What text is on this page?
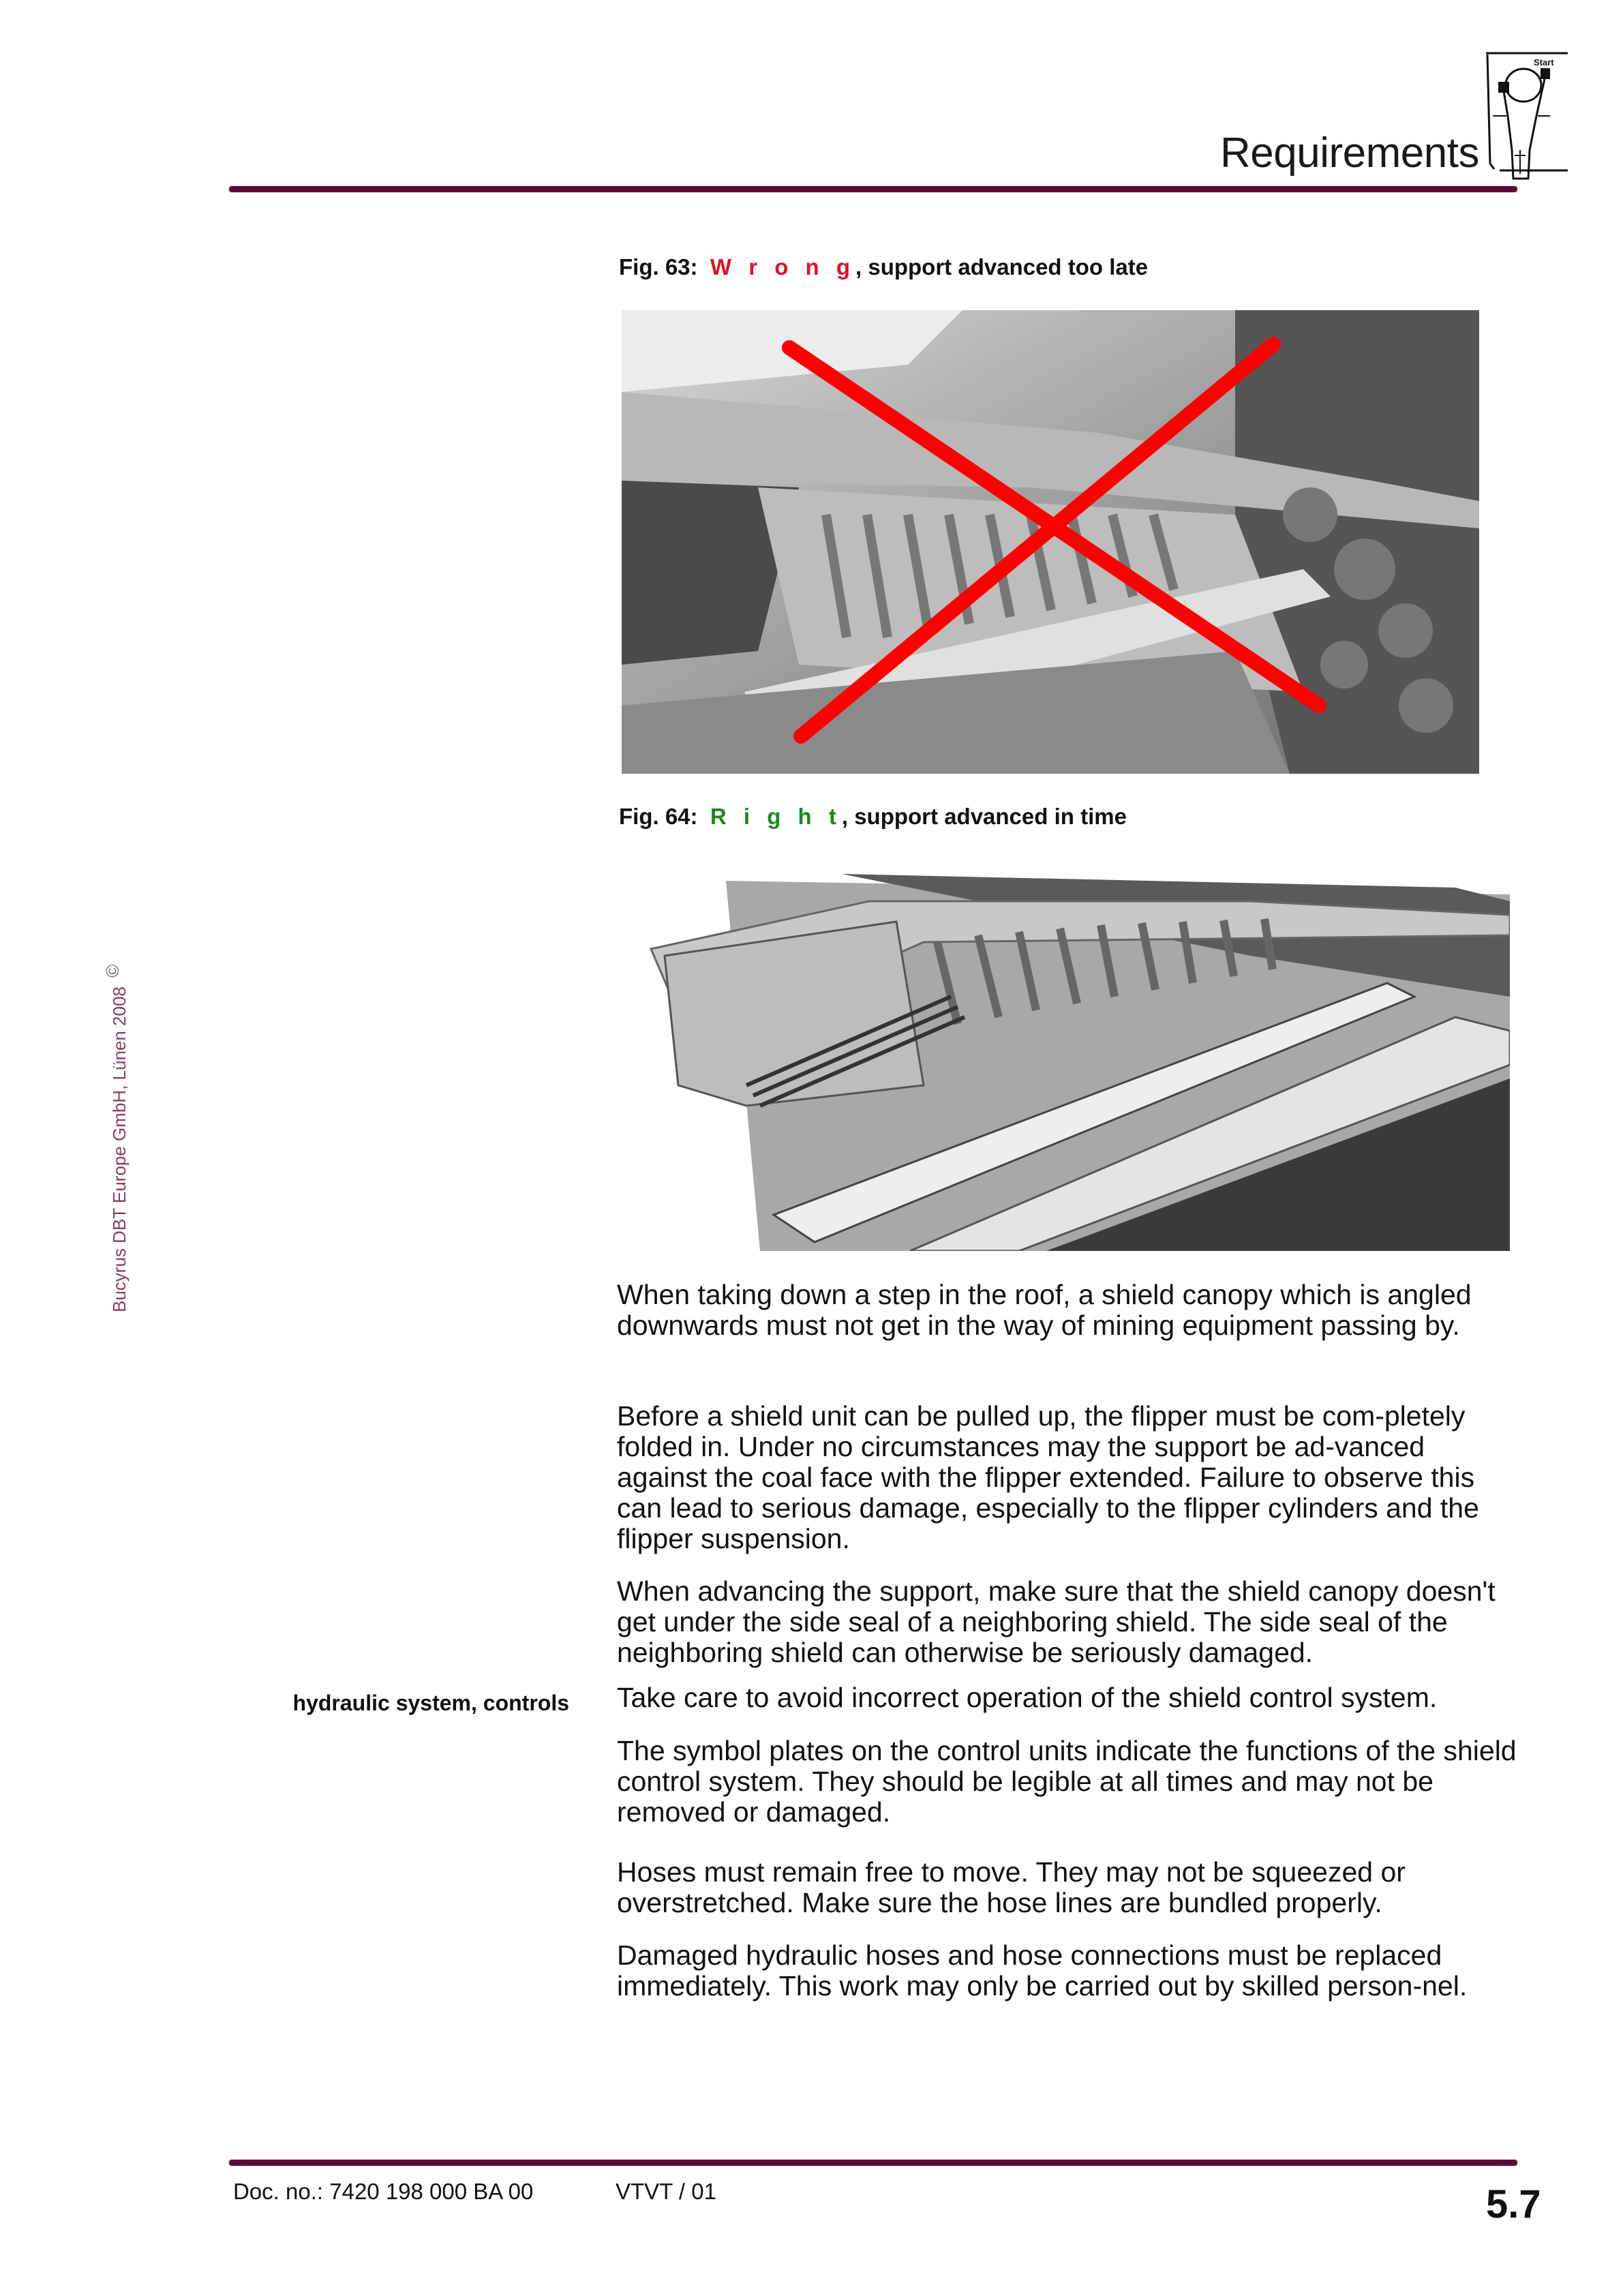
Requirements
Start
Bucyrus DBT Europe GmbH, Lünen 2008 ©
Fig. 63: W r o n g, support advanced too late
Fig. 64: R i g h t, support advanced in time

When taking down a step in the roof, a shield canopy which is angled downwards must not get in the way of mining equipment passing by.

Before a shield unit can be pulled up, the flipper must be com-pletely folded in. Under no circumstances may the support be ad-vanced against the coal face with the flipper extended. Failure to observe this can lead to serious damage, especially to the flipper cylinders and the flipper suspension.

When advancing the support, make sure that the shield canopy doesn't get under the side seal of a neighboring shield. The side seal of the neighboring shield can otherwise be seriously damaged.

hydraulic system, controls Take care to avoid incorrect operation of the shield control system.

The symbol plates on the control units indicate the functions of the shield control system. They should be legible at all times and may not be removed or damaged.

Hoses must remain free to move. They may not be squeezed or overstretched. Make sure the hose lines are bundled properly.

Damaged hydraulic hoses and hose connections must be replaced immediately. This work may only be carried out by skilled person-nel.

Doc. no.: 7420 198 000 BA 00	VTVT / 01	5.7
